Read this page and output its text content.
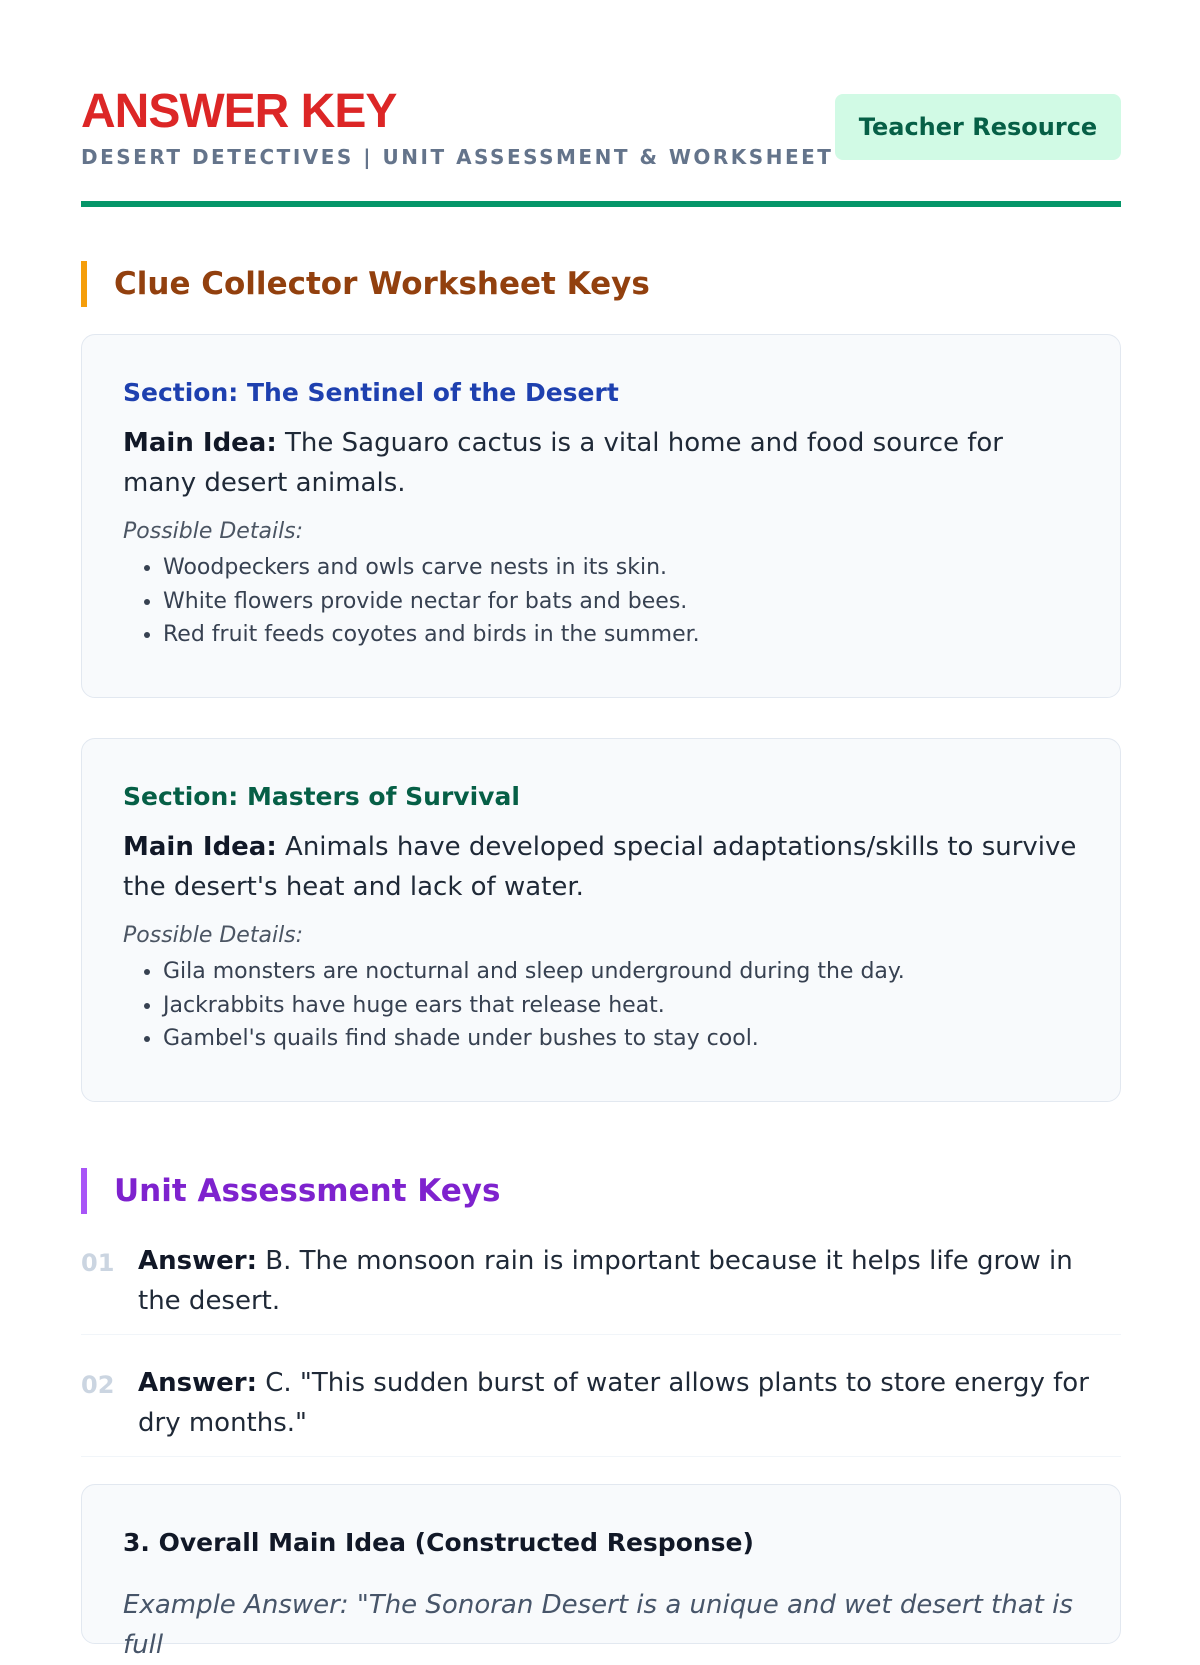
ANSWER KEY
DESERT DETECTIVES | UNIT ASSESSMENT & WORKSHEET
Teacher Resource
Clue Collector Worksheet Keys
Section: The Sentinel of the Desert

Main Idea: The Saguaro cactus is a vital home and food source for many desert animals.

Possible Details:
• Woodpeckers and owls carve nests in its skin.
• White flowers provide nectar for bats and bees.
• Red fruit feeds coyotes and birds in the summer.
Section: Masters of Survival

Main Idea: Animals have developed special adaptations/skills to survive the desert's heat and lack of water.

Possible Details:
• Gila monsters are nocturnal and sleep underground during the day.
• Jackrabbits have huge ears that release heat.
• Gambel's quails find shade under bushes to stay cool.
Unit Assessment Keys
01 Answer: B. The monsoon rain is important because it helps life grow in the desert.

02 Answer: C. "This sudden burst of water allows plants to store energy for dry months."

3. Overall Main Idea (Constructed Response)

Example Answer: "The Sonoran Desert is a unique and wet desert that is full
